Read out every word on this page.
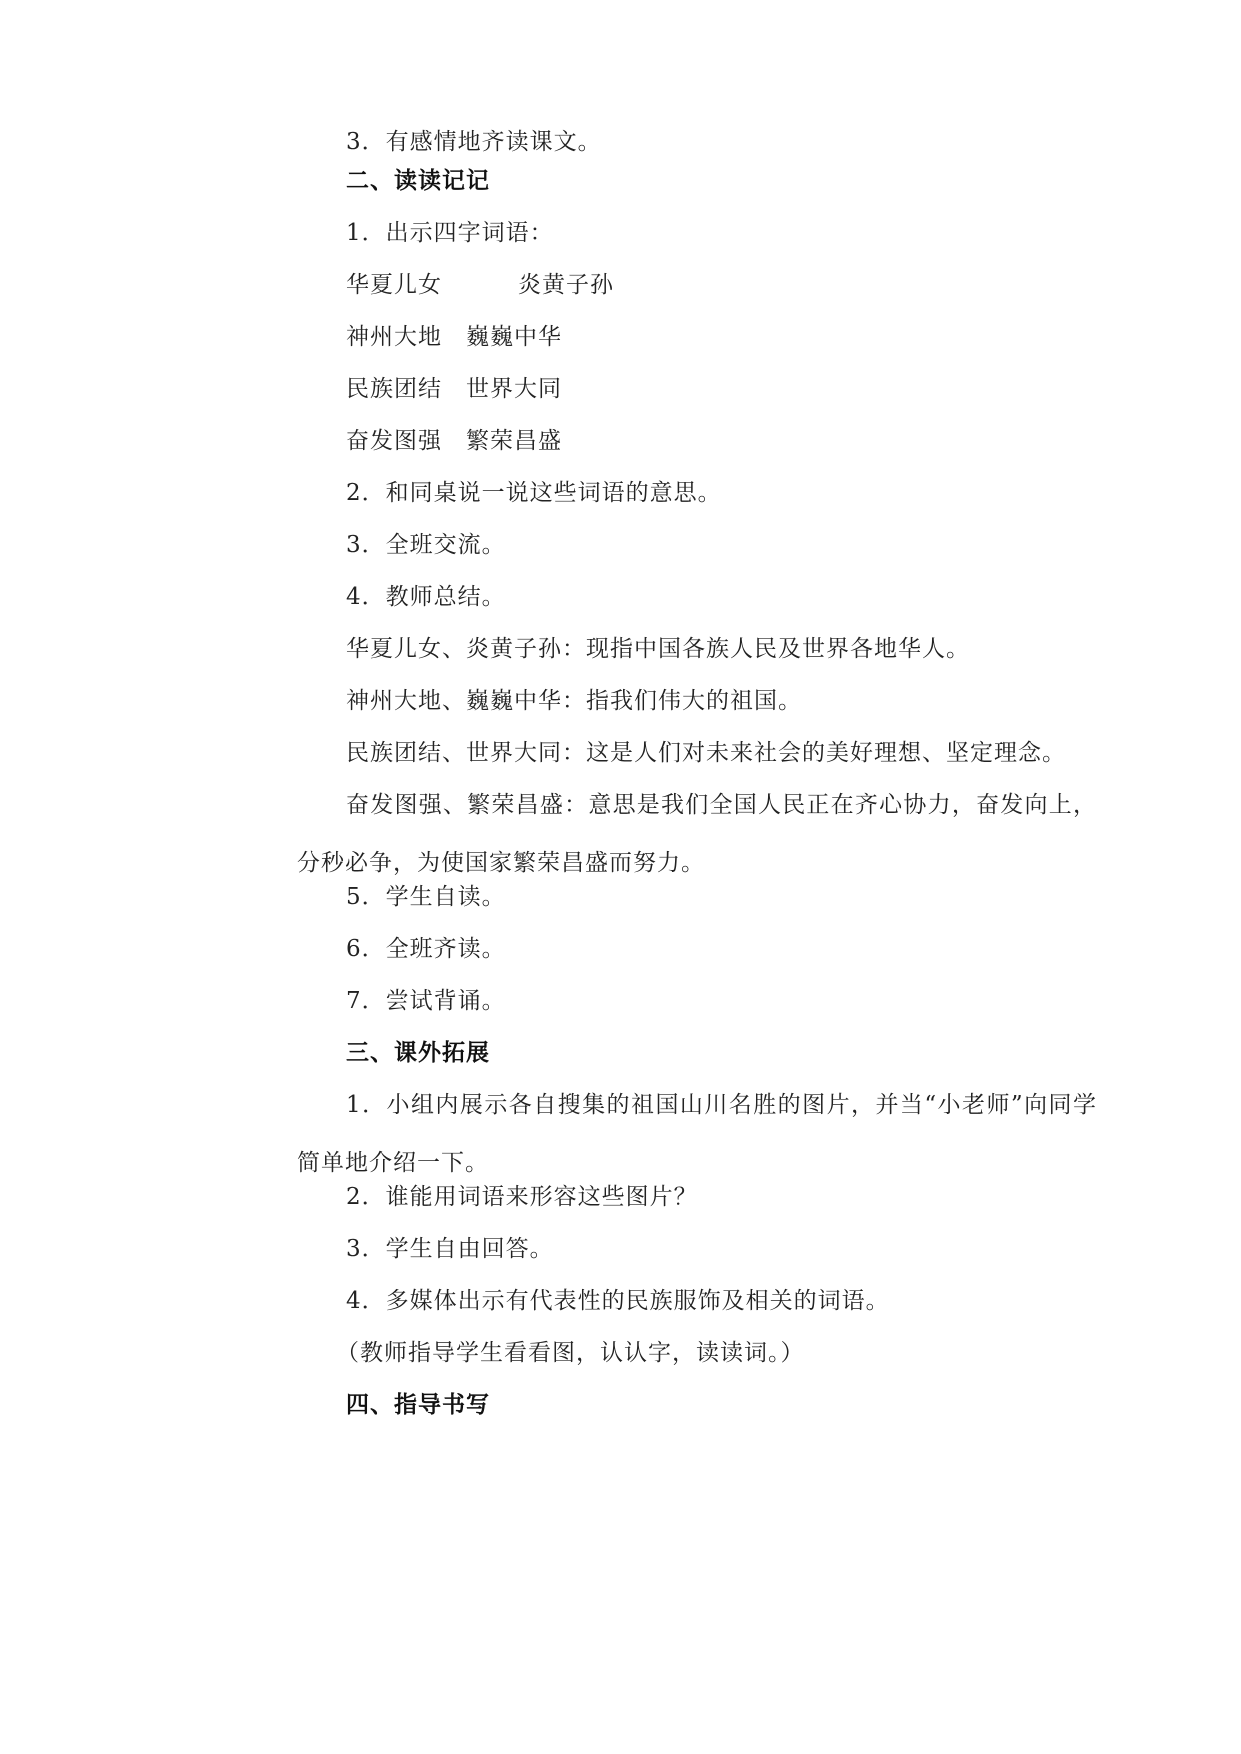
3．有感情地齐读课文。
二、读读记记
1．出示四字词语：
华夏儿女	炎黄子孙
神州大地　巍巍中华
民族团结　世界大同
奋发图强　繁荣昌盛
2．和同桌说一说这些词语的意思。
3．全班交流。
4．教师总结。
华夏儿女、炎黄子孙：现指中国各族人民及世界各地华人。
神州大地、巍巍中华：指我们伟大的祖国。
民族团结、世界大同：这是人们对未来社会的美好理想、坚定理念。
奋发图强、繁荣昌盛：意思是我们全国人民正在齐心协力，奋发向上，分秒必争，为使国家繁荣昌盛而努力。
5．学生自读。
6．全班齐读。
7．尝试背诵。
三、课外拓展
1．小组内展示各自搜集的祖国山川名胜的图片，并当“小老师”向同学简单地介绍一下。
2．谁能用词语来形容这些图片？
3．学生自由回答。
4．多媒体出示有代表性的民族服饰及相关的词语。
（教师指导学生看看图，认认字，读读词。）
四、指导书写
